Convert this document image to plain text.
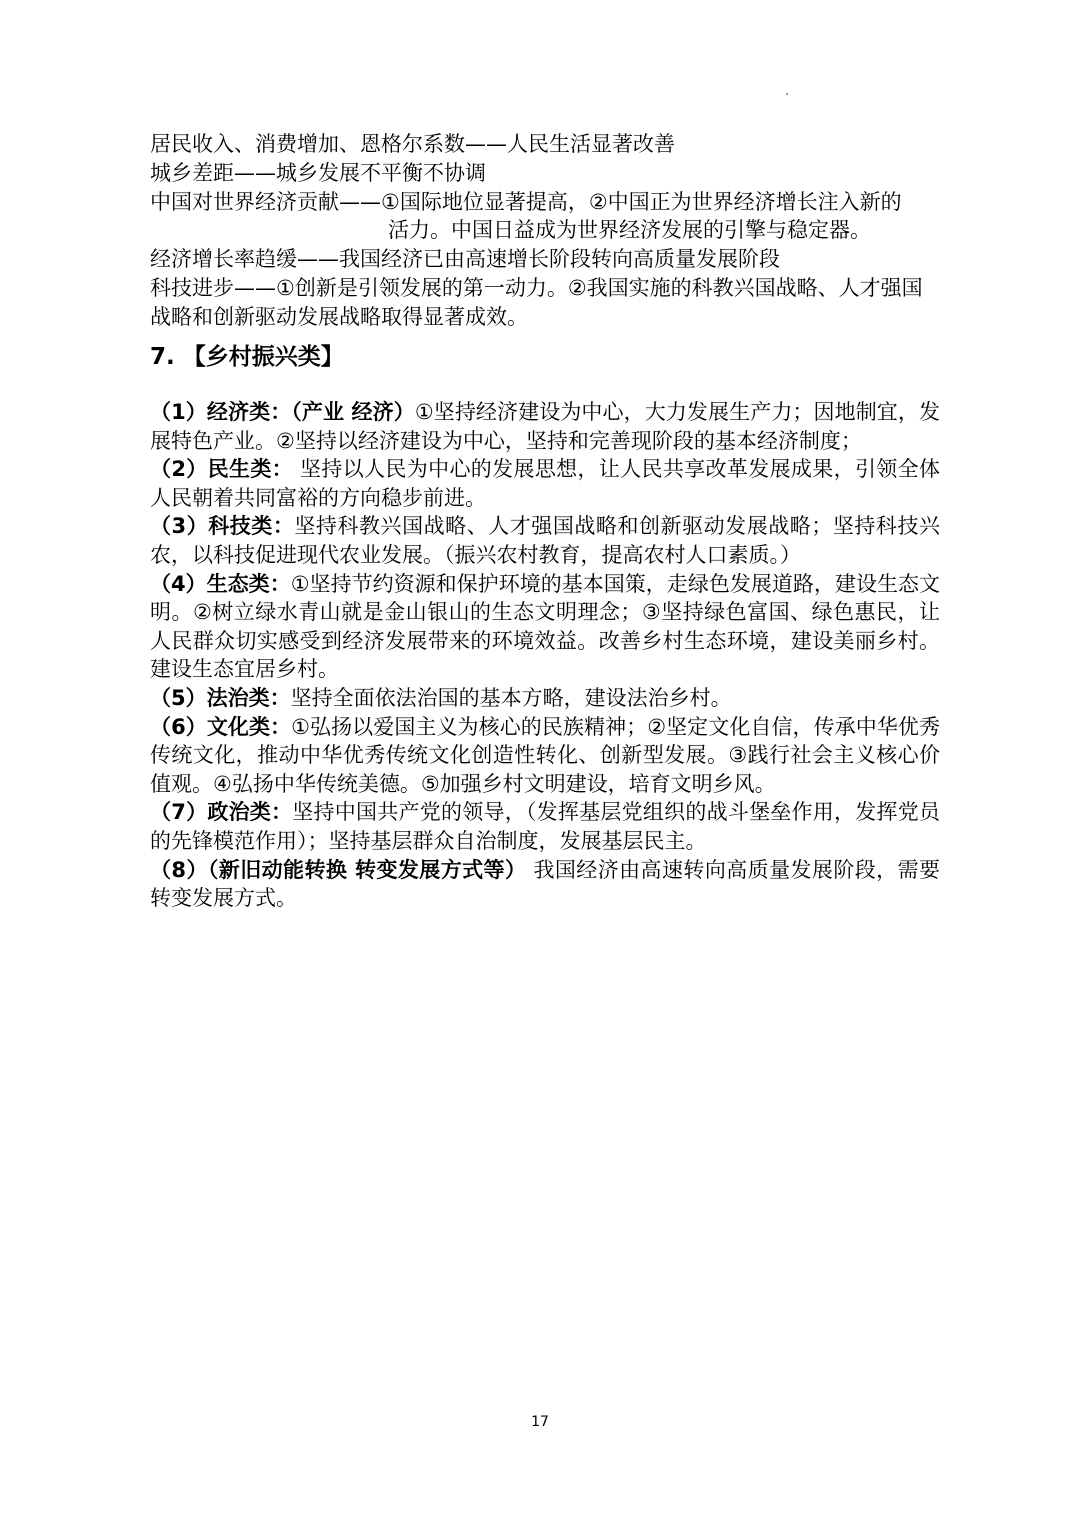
居民收入、消费增加、恩格尔系数——人民生活显著改善
城乡差距——城乡发展不平衡不协调
中国对世界经济贡献——①国际地位显著提高，②中国正为世界经济增长注入新的
活力。中国日益成为世界经济发展的引擎与稳定器。
经济增长率趋缓——我国经济已由高速增长阶段转向高质量发展阶段
科技进步——①创新是引领发展的第一动力。②我国实施的科教兴国战略、人才强国战略和创新驱动发展战略取得显著成效。
7. 【乡村振兴类】
（1）经济类：（产业 经济）①坚持经济建设为中心，大力发展生产力；因地制宜，发展特色产业。②坚持以经济建设为中心，坚持和完善现阶段的基本经济制度；
（2）民生类： 坚持以人民为中心的发展思想，让人民共享改革发展成果，引领全体人民朝着共同富裕的方向稳步前进。
（3）科技类：坚持科教兴国战略、人才强国战略和创新驱动发展战略；坚持科技兴农，以科技促进现代农业发展。（振兴农村教育，提高农村人口素质。）
（4）生态类：①坚持节约资源和保护环境的基本国策，走绿色发展道路，建设生态文明。②树立绿水青山就是金山银山的生态文明理念；③坚持绿色富国、绿色惠民，让人民群众切实感受到经济发展带来的环境效益。改善乡村生态环境，建设美丽乡村。建设生态宜居乡村。
（5）法治类：坚持全面依法治国的基本方略，建设法治乡村。
（6）文化类：①弘扬以爱国主义为核心的民族精神；②坚定文化自信，传承中华优秀传统文化，推动中华优秀传统文化创造性转化、创新型发展。③践行社会主义核心价值观。④弘扬中华传统美德。⑤加强乡村文明建设，培育文明乡风。
（7）政治类：坚持中国共产党的领导，（发挥基层党组织的战斗堡垒作用，发挥党员的先锋模范作用）；坚持基层群众自治制度，发展基层民主。
（8）（新旧动能转换 转变发展方式等） 我国经济由高速转向高质量发展阶段，需要转变发展方式。
17
